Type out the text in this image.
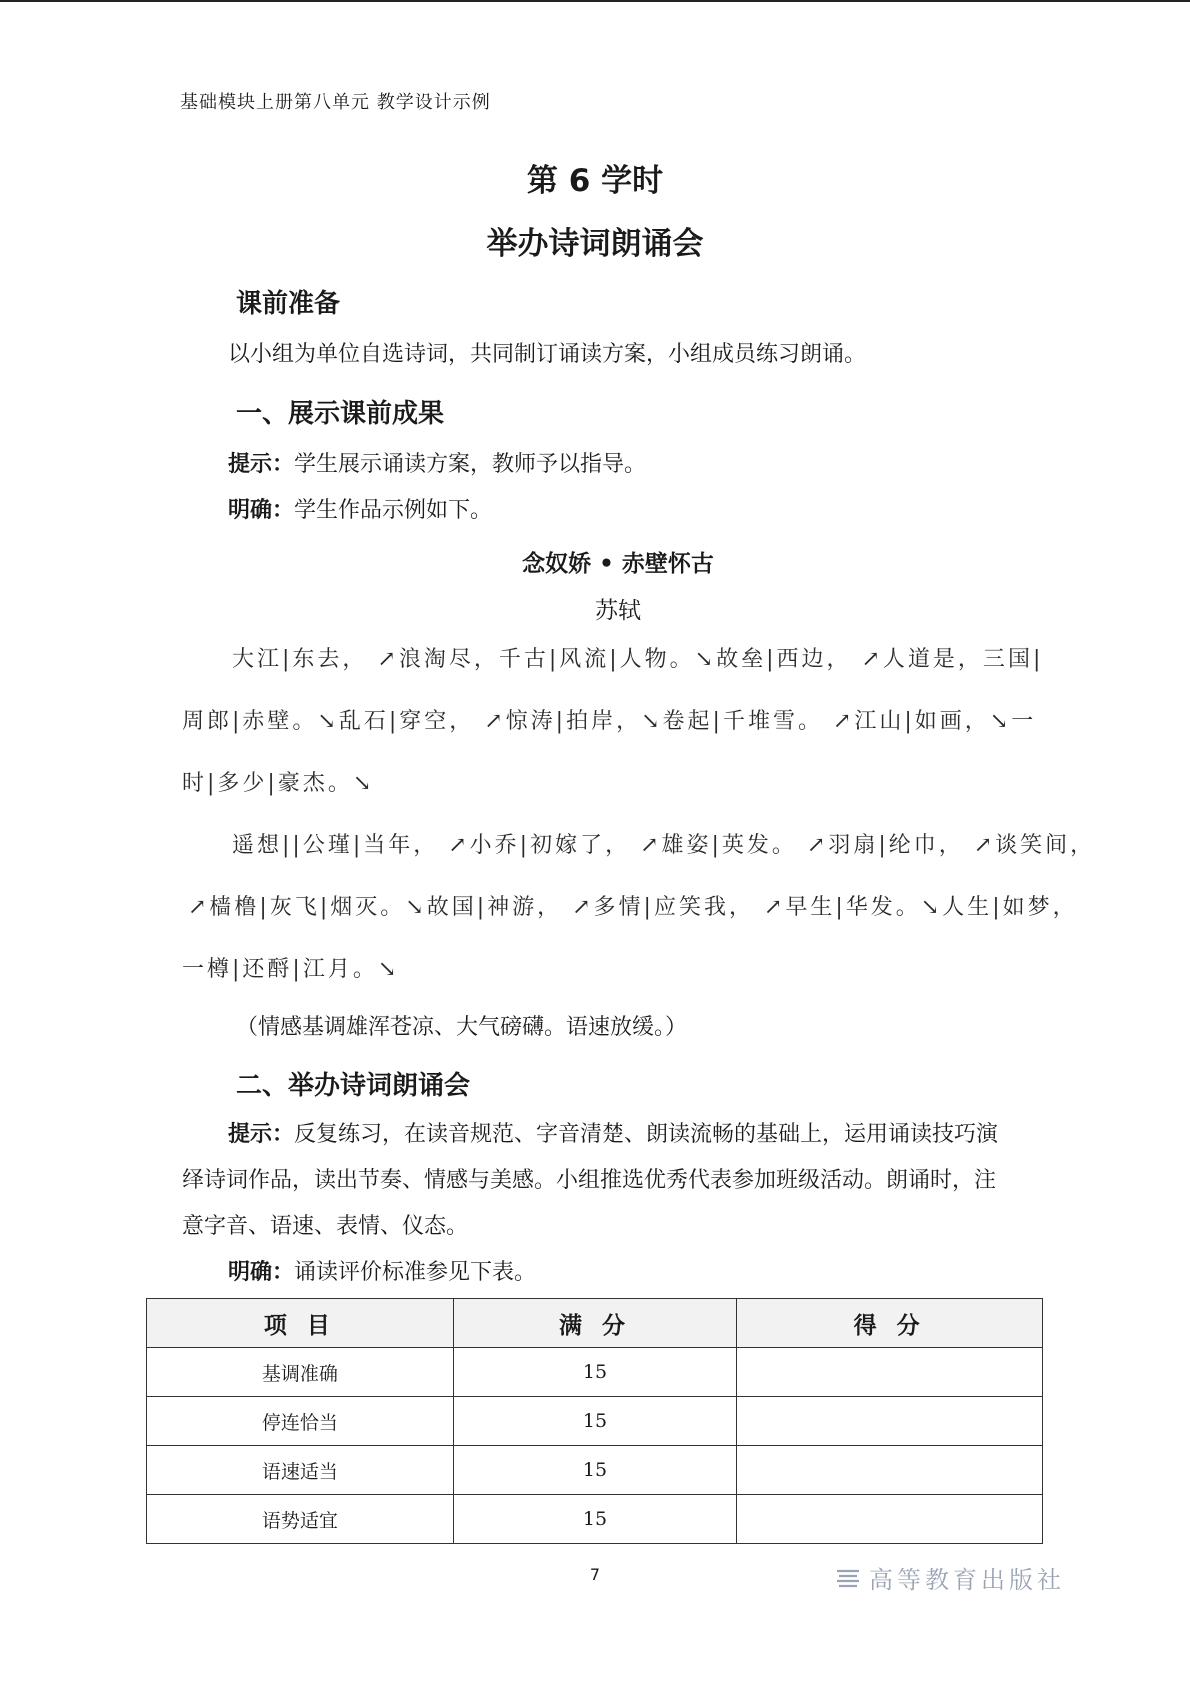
基础模块上册第八单元 教学设计示例
第 6 学时
举办诗词朗诵会
课前准备
以小组为单位自选诗词，共同制订诵读方案，小组成员练习朗诵。
一、展示课前成果
提示：学生展示诵读方案，教师予以指导。
明确：学生作品示例如下。
念奴娇 • 赤壁怀古
苏轼
大江|东去， ↗浪淘尽，千古|风流|人物。↘故垒|西边， ↗人道是，三国|
周郎|赤壁。↘乱石|穿空， ↗惊涛|拍岸，↘卷起|千堆雪。 ↗江山|如画，↘一
时|多少|豪杰。↘
遥想||公瑾|当年， ↗小乔|初嫁了， ↗雄姿|英发。 ↗羽扇|纶巾， ↗谈笑间，
↗樯橹|灰飞|烟灭。↘故国|神游， ↗多情|应笑我， ↗早生|华发。↘人生|如梦，
一樽|还酹|江月。↘
（情感基调雄浑苍凉、大气磅礴。语速放缓。）
二、举办诗词朗诵会
提示：反复练习，在读音规范、字音清楚、朗读流畅的基础上，运用诵读技巧演绎诗词作品，读出节奏、情感与美感。小组推选优秀代表参加班级活动。朗诵时，注意字音、语速、表情、仪态。
明确：诵读评价标准参见下表。
项 目	满 分	得 分
基调准确	15	
停连恰当	15	
语速适当	15	
语势适宜	15	
7	高等教育出版社
